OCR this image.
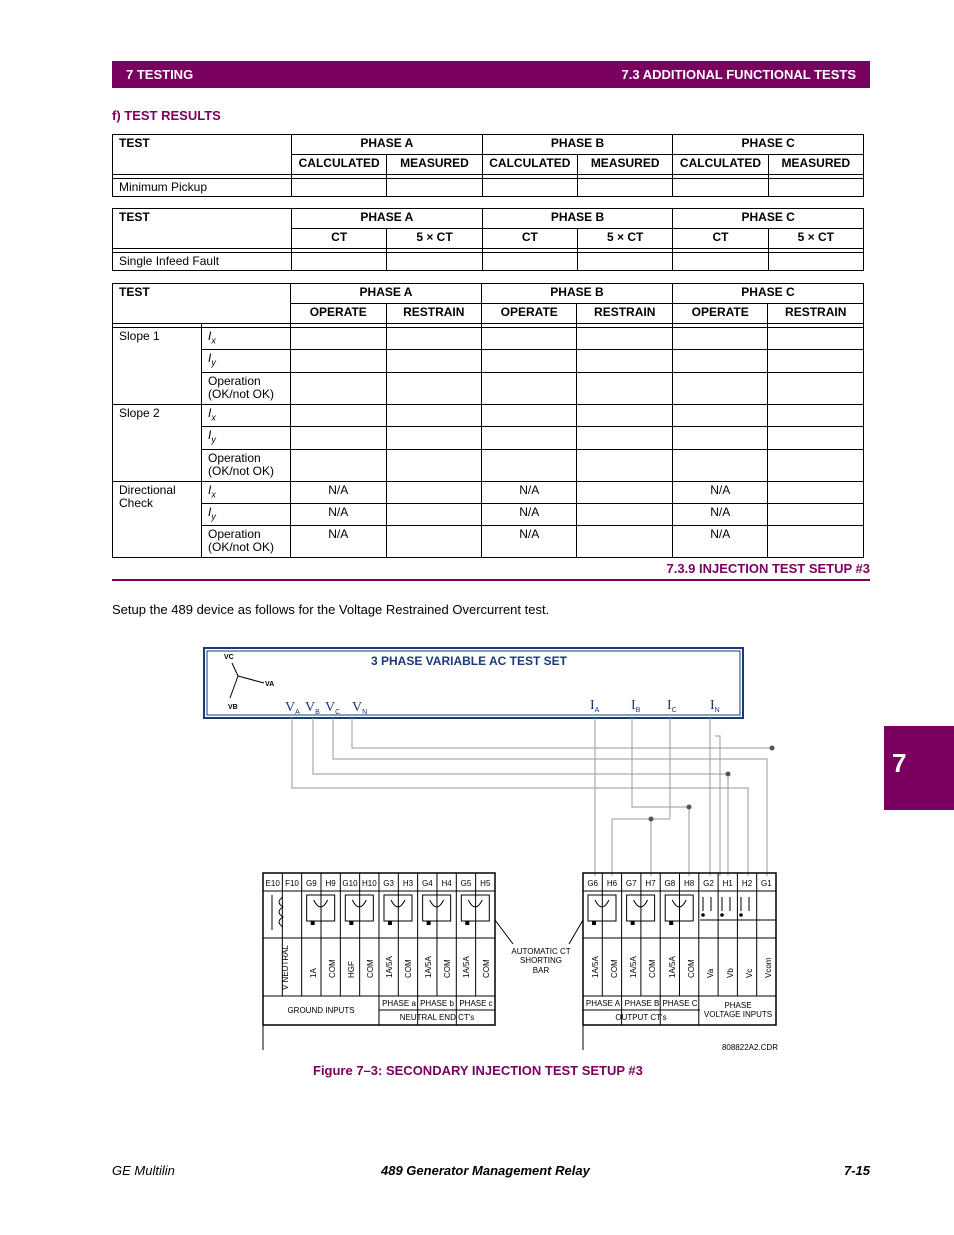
7 TESTING	7.3 ADDITIONAL FUNCTIONAL TESTS
f) TEST RESULTS
TEST	PHASE A		PHASE B		PHASE C	
	CALCULATED	MEASURED	CALCULATED	MEASURED	CALCULATED	MEASURED

Minimum Pickup						
TEST	PHASE A		PHASE B		PHASE C	
	CT	5 × CT	CT	5 × CT	CT	5 × CT

Single Infeed Fault						
TEST		PHASE A		PHASE B		PHASE C	
		OPERATE	RESTRAIN	OPERATE	RESTRAIN	OPERATE	RESTRAIN

Slope 1	$I_x$						
	$I_y$						
	Operation (OK/not OK)						
Slope 2	$I_x$						
	$I_y$						
	Operation (OK/not OK)						
Directional Check	$I_x$	N/A		N/A		N/A	
	$I_y$	N/A		N/A		N/A	
	Operation (OK/not OK)	N/A		N/A		N/A	
7.3.9 INJECTION TEST SETUP #3
Setup the 489 device as follows for the Voltage Restrained Overcurrent test.
7
3 PHASE VARIABLE AC TEST SET
VC
VA
VB	$V_A$ $V_B$ $V_C$ $V_N$	$I_A$ $I_B$ $I_C$ $I_N$
E10 F10 G9 H9 G10 H10 G3 H3 G4 H4 G5 H5
V NEUTRAL 1A COM HGF COM 1A/5A COM 1A/5A COM 1A/5A COM
PHASE a PHASE b PHASE c
G6 H6 G7 H7 G8 H8 G2 H1 H2 G1
1A/5A COM 1A/5A COM 1A/5A COM Va Vb Vc Vcom
PHASE A PHASE B PHASE C
AUTOMATIC CT
SHORTING
BAR
GROUND INPUTS
NEUTRAL END CT's	OUTPUT CT's
PHASE
VOLTAGE INPUTS
808822A2.CDR
Figure 7–3: SECONDARY INJECTION TEST SETUP #3
GE Multilin	489 Generator Management Relay	7-15
